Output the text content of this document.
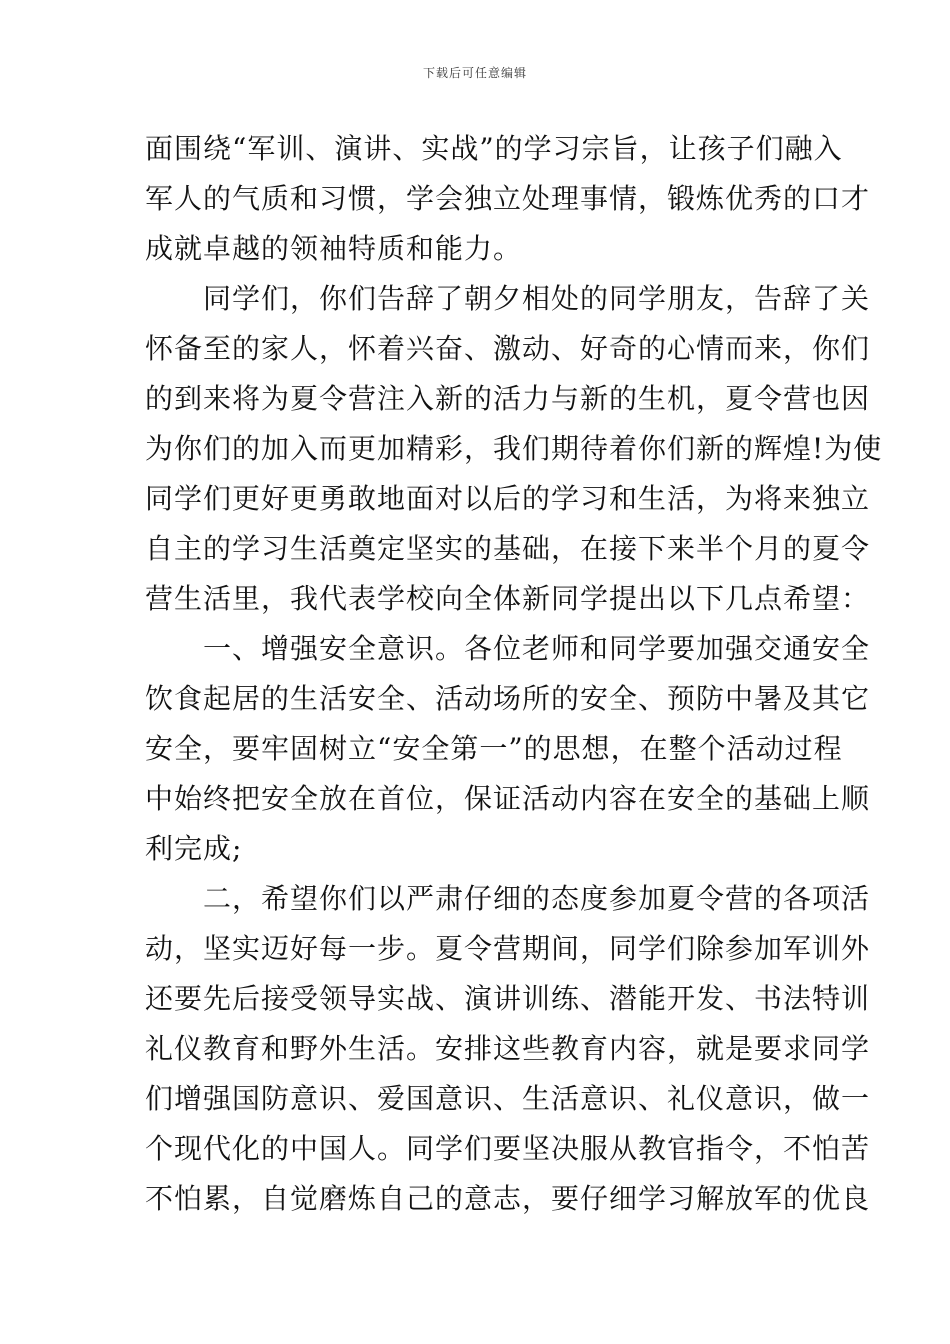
下载后可任意编辑
面围绕“军训、演讲、实战”的学习宗旨，让孩子们融入
军人的气质和习惯，学会独立处理事情，锻炼优秀的口才
成就卓越的领袖特质和能力。
　　同学们，你们告辞了朝夕相处的同学朋友，告辞了关
怀备至的家人，怀着兴奋、激动、好奇的心情而来，你们
的到来将为夏令营注入新的活力与新的生机，夏令营也因
为你们的加入而更加精彩，我们期待着你们新的辉煌!为使
同学们更好更勇敢地面对以后的学习和生活，为将来独立
自主的学习生活奠定坚实的基础，在接下来半个月的夏令
营生活里，我代表学校向全体新同学提出以下几点希望：
　　一、增强安全意识。各位老师和同学要加强交通安全
饮食起居的生活安全、活动场所的安全、预防中暑及其它
安全，要牢固树立“安全第一”的思想，在整个活动过程
中始终把安全放在首位，保证活动内容在安全的基础上顺
利完成;
　　二，希望你们以严肃仔细的态度参加夏令营的各项活
动，坚实迈好每一步。夏令营期间，同学们除参加军训外
还要先后接受领导实战、演讲训练、潜能开发、书法特训
礼仪教育和野外生活。安排这些教育内容，就是要求同学
们增强国防意识、爱国意识、生活意识、礼仪意识，做一
个现代化的中国人。同学们要坚决服从教官指令，不怕苦
不怕累，自觉磨炼自己的意志，要仔细学习解放军的优良
